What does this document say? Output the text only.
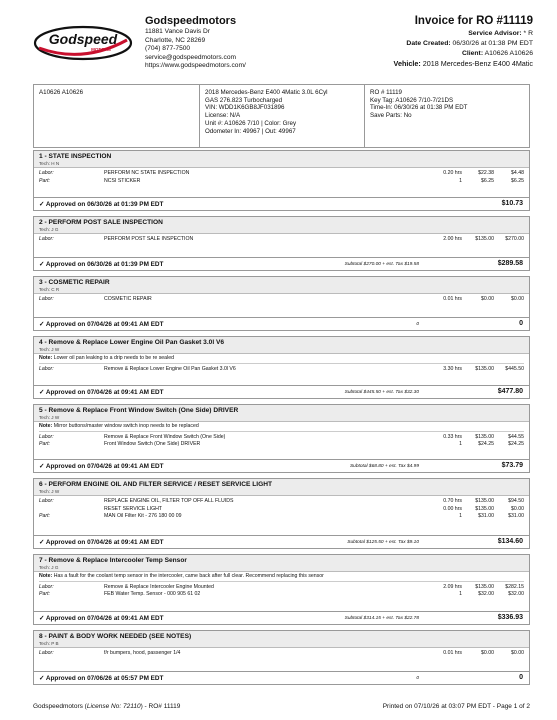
Godspeed
MOTORS
Godspeedmotors
11881 Vance Davis Dr
Charlotte, NC 28269
(704) 877-7500
service@godspeedmotors.com
https://www.godspeedmotors.com/
Invoice for RO #11119
Service Advisor: * R
Date Created: 06/30/26 at 01:38 PM EDT
Client: A10626 A10626
Vehicle: 2018 Mercedes-Benz E400 4Matic
A10626 A10626	2018 Mercedes-Benz E400 4Matic 3.0L 6Cyl
GAS 276.823 Turbocharged
VIN: WDD1K6GB8JF031896
License: N/A
Unit #: A10626 7/10 | Color: Grey
Odometer In: 49967 | Out: 49967
RO # 11119
Key Tag: A10626 7/10-7/21DS
Time-In: 06/30/26 at 01:38 PM EDT
Save Parts: No
1 - STATE INSPECTION
Tech: H N
Labor:	PERFORM NC STATE INSPECTION	0.20 hrs	$22.38	$4.48
Part:	NCSI STICKER	1	$6.25	$6.25
✓ Approved on 06/30/26 at 01:39 PM EDT	$10.73
2 - PERFORM POST SALE INSPECTION
Tech: J G
Labor:	PERFORM POST SALE INSPECTION	2.00 hrs	$135.00 $270.00
✓ Approved on 06/30/26 at 01:39 PM EDT	Subtotal $270.00 + est. Tax $19.58	$289.58
3 - COSMETIC REPAIR
Tech: C R
Labor:	COSMETIC REPAIR	0.01 hrs	$0.00	$0.00
✓ Approved on 07/04/26 at 09:41 AM EDT	0	0
4 - Remove & Replace Lower Engine Oil Pan Gasket 3.0l V6
Tech: J W
Note: Lower oil pan leaking to a drip needs to be re sealed
Labor:	Remove & Replace Lower Engine Oil Pan Gasket 3.0l V6	3.30 hrs	$135.00 $445.50
✓ Approved on 07/04/26 at 09:41 AM EDT	Subtotal $445.50 + est. Tax $32.30	$477.80
5 - Remove & Replace Front Window Switch (One Side) DRIVER
Tech: J W
Note: Mirror buttons/master window switch inop needs to be replaced
Labor:	Remove & Replace Front Window Switch (One Side)	0.33 hrs	$135.00	$44.55
Part:	Front Window Switch (One Side) DRIVER	1	$24.25	$24.25
✓ Approved on 07/04/26 at 09:41 AM EDT	Subtotal $68.80 + est. Tax $4.99	$73.79
6 - PERFORM ENGINE OIL AND FILTER SERVICE / RESET SERVICE LIGHT
Tech: J W
Labor:	REPLACE ENGINE OIL, FILTER TOP OFF ALL FLUIDS	0.70 hrs	$135.00	$94.50
RESET SERVICE LIGHT	0.00 hrs	$135.00	$0.00
Part:	MAN Oil Filter Kit - 276 180 00 09	1	$31.00	$31.00
✓ Approved on 07/04/26 at 09:41 AM EDT	Subtotal $125.50 + est. Tax $9.10	$134.60
7 - Remove & Replace Intercooler Temp Sensor
Tech: J G
Note: Has a fault for the coolant temp sensor in the intercooler, came back after full clear. Recommend replacing this sensor
Labor:	Remove & Replace Intercooler Engine Mounted	2.09 hrs	$135.00 $282.15
Part:	FEB Water Temp. Sensor - 000 905 61 02	1	$32.00	$32.00
✓ Approved on 07/04/26 at 09:41 AM EDT	Subtotal $314.15 + est. Tax $22.78	$336.93
8 - PAINT & BODY WORK NEEDED (SEE NOTES)
Tech: P B
Labor:	f/r bumpers, hood, passenger 1/4	0.01 hrs	$0.00	$0.00
✓ Approved on 07/06/26 at 05:57 PM EDT	0	0
Godspeedmotors (License No: 72110) - RO# 11119	Printed on 07/10/26 at 03:07 PM EDT - Page 1 of 2
